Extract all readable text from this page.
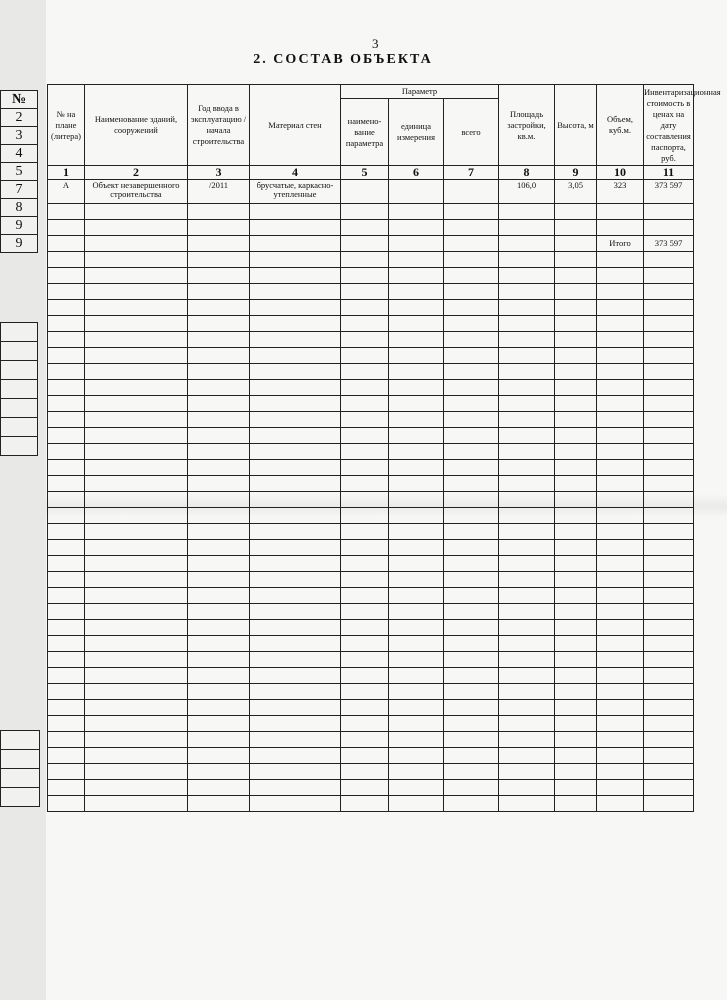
№
2
3
4
5
7
8
9
9

3
2. СОСТАВ ОБЪЕКТА
№ на плане (литера)	Наименование зданий, сооружений	Год ввода в эксплуатацию / начала строительства	Материал стен	Параметр			Площадь застройки, кв.м.	Высота, м	Объем, куб.м.	Инвентаризационная стоимость в ценах на дату составления паспорта, руб.
				наимено-вание параметра	единица измерения	всего				
1	2	3	4	5	6	7	8	9	10	11
А	Объект незавершенного строительства	/2011	брусчатые, каркасно-утепленные				106,0	3,05	323	373 597

									Итого	373 597
